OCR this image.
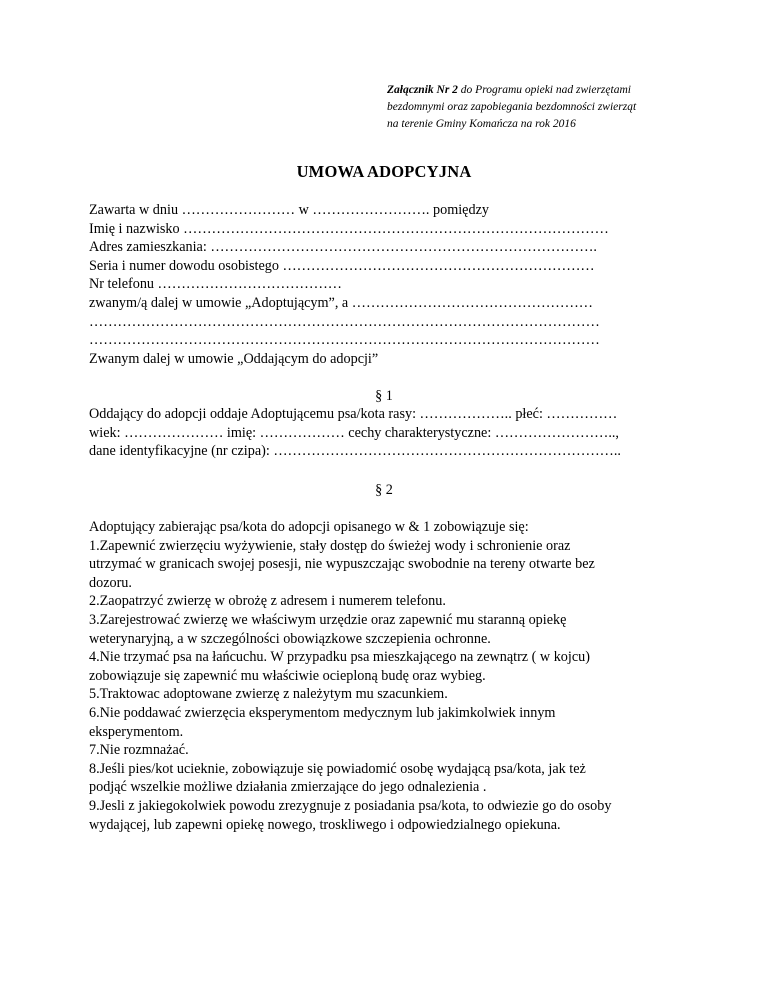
Załącznik Nr 2 do Programu opieki nad zwierzętami
bezdomnymi oraz zapobiegania bezdomności zwierząt
na terenie Gminy Komańcza na rok 2016
UMOWA ADOPCYJNA
Zawarta w dniu …………………… w ……………………. pomiędzy
Imię i nazwisko ………………………………………………………………………………
Adres zamieszkania: ……………………………………………………………………….
Seria i numer dowodu osobistego …………………………………………………………
Nr telefonu …………………………………
zwanym/ą dalej w umowie „Adoptującym”, a ……………………………………………
………………………………………………………………………………………………
………………………………………………………………………………………………
Zwanym dalej w umowie „Oddającym do adopcji”
§ 1
Oddający do adopcji oddaje Adoptującemu psa/kota rasy: ……………….. płeć: ……………
wiek: ………………… imię: ……………… cechy charakterystyczne: ……………………..,
dane identyfikacyjne (nr czipa): ………………………………………………………………..
§ 2
Adoptujący zabierając psa/kota do adopcji opisanego w & 1 zobowiązuje się:
1.Zapewnić zwierzęciu wyżywienie, stały dostęp do świeżej wody i schronienie oraz
utrzymać w granicach swojej posesji, nie wypuszczając swobodnie na tereny otwarte bez
dozoru.
2.Zaopatrzyć zwierzę w obrożę z adresem i numerem telefonu.
3.Zarejestrować zwierzę we właściwym urzędzie oraz zapewnić mu staranną opiekę
weterynaryjną, a w szczególności obowiązkowe szczepienia ochronne.
4.Nie trzymać psa na łańcuchu. W przypadku psa mieszkającego na zewnątrz ( w kojcu)
zobowiązuje się zapewnić mu właściwie ocieploną budę oraz wybieg.
5.Traktowac adoptowane zwierzę z należytym mu szacunkiem.
6.Nie poddawać zwierzęcia eksperymentom medycznym lub jakimkolwiek innym
eksperymentom.
7.Nie rozmnażać.
8.Jeśli pies/kot ucieknie, zobowiązuje się powiadomić osobę wydającą psa/kota, jak też
podjąć wszelkie możliwe działania zmierzające do jego odnalezienia .
9.Jesli z jakiegokolwiek powodu zrezygnuje z posiadania psa/kota, to odwiezie go do osoby
wydającej, lub zapewni opiekę nowego, troskliwego i odpowiedzialnego opiekuna.
